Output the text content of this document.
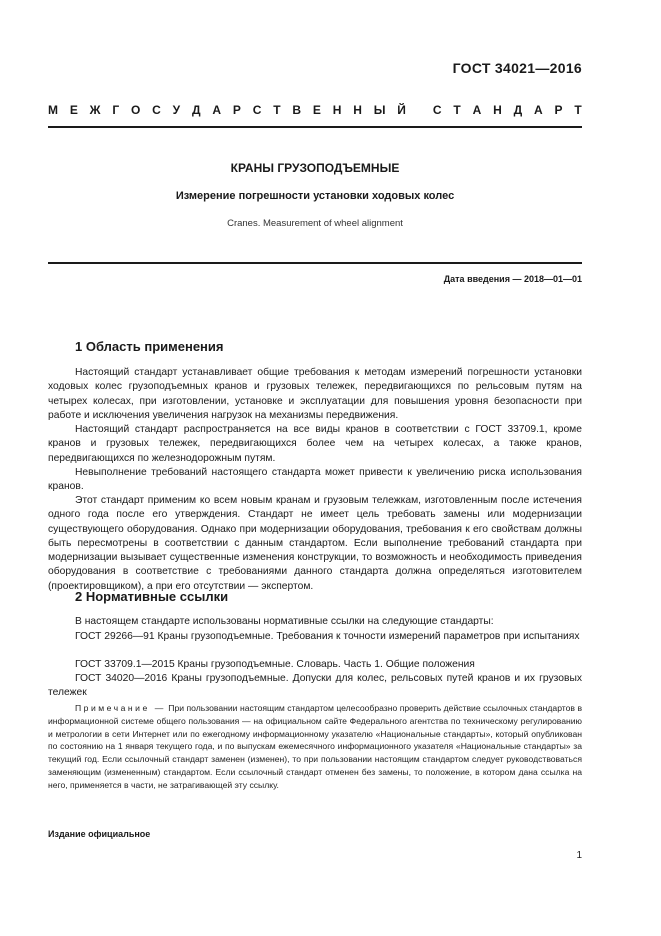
ГОСТ 34021—2016
М Е Ж Г О С У Д А Р С Т В Е Н Н Ы Й
С Т А Н Д А Р Т
КРАНЫ ГРУЗОПОДЪЕМНЫЕ
Измерение погрешности установки ходовых колес
Cranes. Measurement of wheel alignment
Дата введения — 2018—01—01
1 Область применения
Настоящий стандарт устанавливает общие требования к методам измерений погрешности установки ходовых колес грузоподъемных кранов и грузовых тележек, передвигающихся по рельсовым путям на четырех колесах, при изготовлении, установке и эксплуатации для повышения уровня безопасности при работе и исключения увеличения нагрузок на механизмы передвижения.
Настоящий стандарт распространяется на все виды кранов в соответствии с ГОСТ 33709.1, кроме кранов и грузовых тележек, передвигающихся более чем на четырех колесах, а также кранов, передвигающихся по железнодорожным путям.
Невыполнение требований настоящего стандарта может привести к увеличению риска использования кранов.
Этот стандарт применим ко всем новым кранам и грузовым тележкам, изготовленным после истечения одного года после его утверждения. Стандарт не имеет цель требовать замены или модернизации существующего оборудования. Однако при модернизации оборудования, требования к его свойствам должны быть пересмотрены в соответствии с данным стандартом. Если выполнение требований стандарта при модернизации вызывает существенные изменения конструкции, то возможность и необходимость приведения оборудования в соответствие с требованиями данного стандарта должна определяться изготовителем (проектировщиком), а при его отсутствии — экспертом.
2 Нормативные ссылки
В настоящем стандарте использованы нормативные ссылки на следующие стандарты:
ГОСТ 29266—91 Краны грузоподъемные. Требования к точности измерений параметров при испытаниях
ГОСТ 33709.1—2015 Краны грузоподъемные. Словарь. Часть 1. Общие положения
ГОСТ 34020—2016 Краны грузоподъемные. Допуски для колес, рельсовых путей кранов и их грузовых тележек
Примечание — При пользовании настоящим стандартом целесообразно проверить действие ссылочных стандартов в информационной системе общего пользования — на официальном сайте Федерального агентства по техническому регулированию и метрологии в сети Интернет или по ежегодному информационному указателю «Национальные стандарты», который опубликован по состоянию на 1 января текущего года, и по выпускам ежемесячного информационного указателя «Национальные стандарты» за текущий год. Если ссылочный стандарт заменен (изменен), то при пользовании настоящим стандартом следует руководствоваться заменяющим (измененным) стандартом. Если ссылочный стандарт отменен без замены, то положение, в котором дана ссылка на него, применяется в части, не затрагивающей эту ссылку.
Издание официальное
1
